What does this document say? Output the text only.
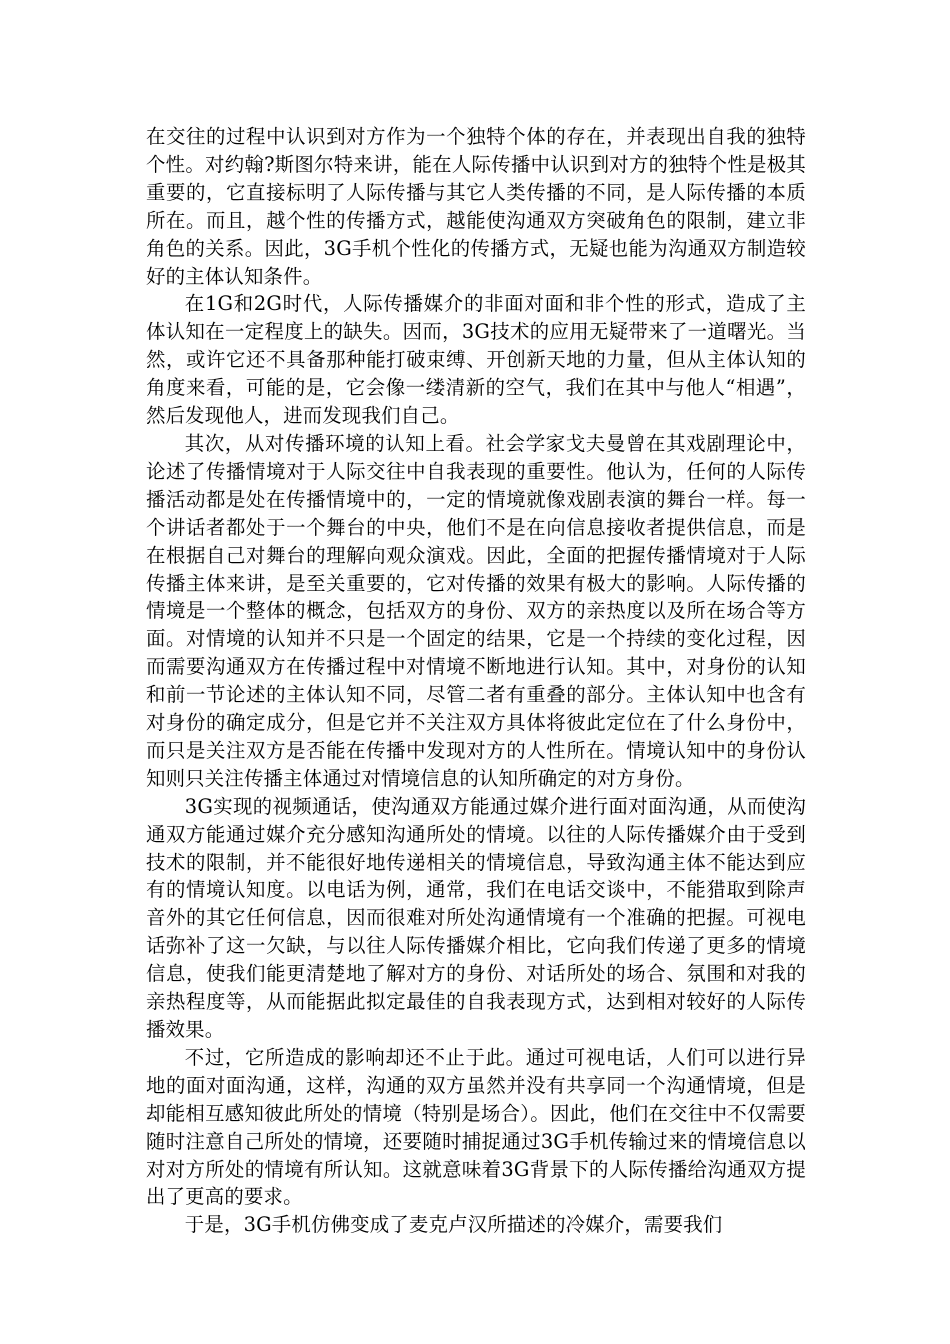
在交往的过程中认识到对方作为一个独特个体的存在，并表现出自我的独特个性。对约翰?斯图尔特来讲，能在人际传播中认识到对方的独特个性是极其重要的，它直接标明了人际传播与其它人类传播的不同，是人际传播的本质所在。而且，越个性的传播方式，越能使沟通双方突破角色的限制，建立非角色的关系。因此，3G手机个性化的传播方式，无疑也能为沟通双方制造较好的主体认知条件。

在1G和2G时代，人际传播媒介的非面对面和非个性的形式，造成了主体认知在一定程度上的缺失。因而，3G技术的应用无疑带来了一道曙光。当然，或许它还不具备那种能打破束缚、开创新天地的力量，但从主体认知的角度来看，可能的是，它会像一缕清新的空气，我们在其中与他人“相遇”，然后发现他人，进而发现我们自己。

其次，从对传播环境的认知上看。社会学家戈夫曼曾在其戏剧理论中，论述了传播情境对于人际交往中自我表现的重要性。他认为，任何的人际传播活动都是处在传播情境中的，一定的情境就像戏剧表演的舞台一样。每一个讲话者都处于一个舞台的中央，他们不是在向信息接收者提供信息，而是在根据自己对舞台的理解向观众演戏。因此，全面的把握传播情境对于人际传播主体来讲，是至关重要的，它对传播的效果有极大的影响。人际传播的情境是一个整体的概念，包括双方的身份、双方的亲热度以及所在场合等方面。对情境的认知并不只是一个固定的结果，它是一个持续的变化过程，因而需要沟通双方在传播过程中对情境不断地进行认知。其中，对身份的认知和前一节论述的主体认知不同，尽管二者有重叠的部分。主体认知中也含有对身份的确定成分，但是它并不关注双方具体将彼此定位在了什么身份中，而只是关注双方是否能在传播中发现对方的人性所在。情境认知中的身份认知则只关注传播主体通过对情境信息的认知所确定的对方身份。

3G实现的视频通话，使沟通双方能通过媒介进行面对面沟通，从而使沟通双方能通过媒介充分感知沟通所处的情境。以往的人际传播媒介由于受到技术的限制，并不能很好地传递相关的情境信息，导致沟通主体不能达到应有的情境认知度。以电话为例，通常，我们在电话交谈中，不能猎取到除声音外的其它任何信息，因而很难对所处沟通情境有一个准确的把握。可视电话弥补了这一欠缺，与以往人际传播媒介相比，它向我们传递了更多的情境信息，使我们能更清楚地了解对方的身份、对话所处的场合、氛围和对我的亲热程度等，从而能据此拟定最佳的自我表现方式，达到相对较好的人际传播效果。

不过，它所造成的影响却还不止于此。通过可视电话，人们可以进行异地的面对面沟通，这样，沟通的双方虽然并没有共享同一个沟通情境，但是却能相互感知彼此所处的情境（特别是场合）。因此，他们在交往中不仅需要随时注意自己所处的情境，还要随时捕捉通过3G手机传输过来的情境信息以对对方所处的情境有所认知。这就意味着3G背景下的人际传播给沟通双方提出了更高的要求。

于是，3G手机仿佛变成了麦克卢汉所描述的冷媒介，需要我们
